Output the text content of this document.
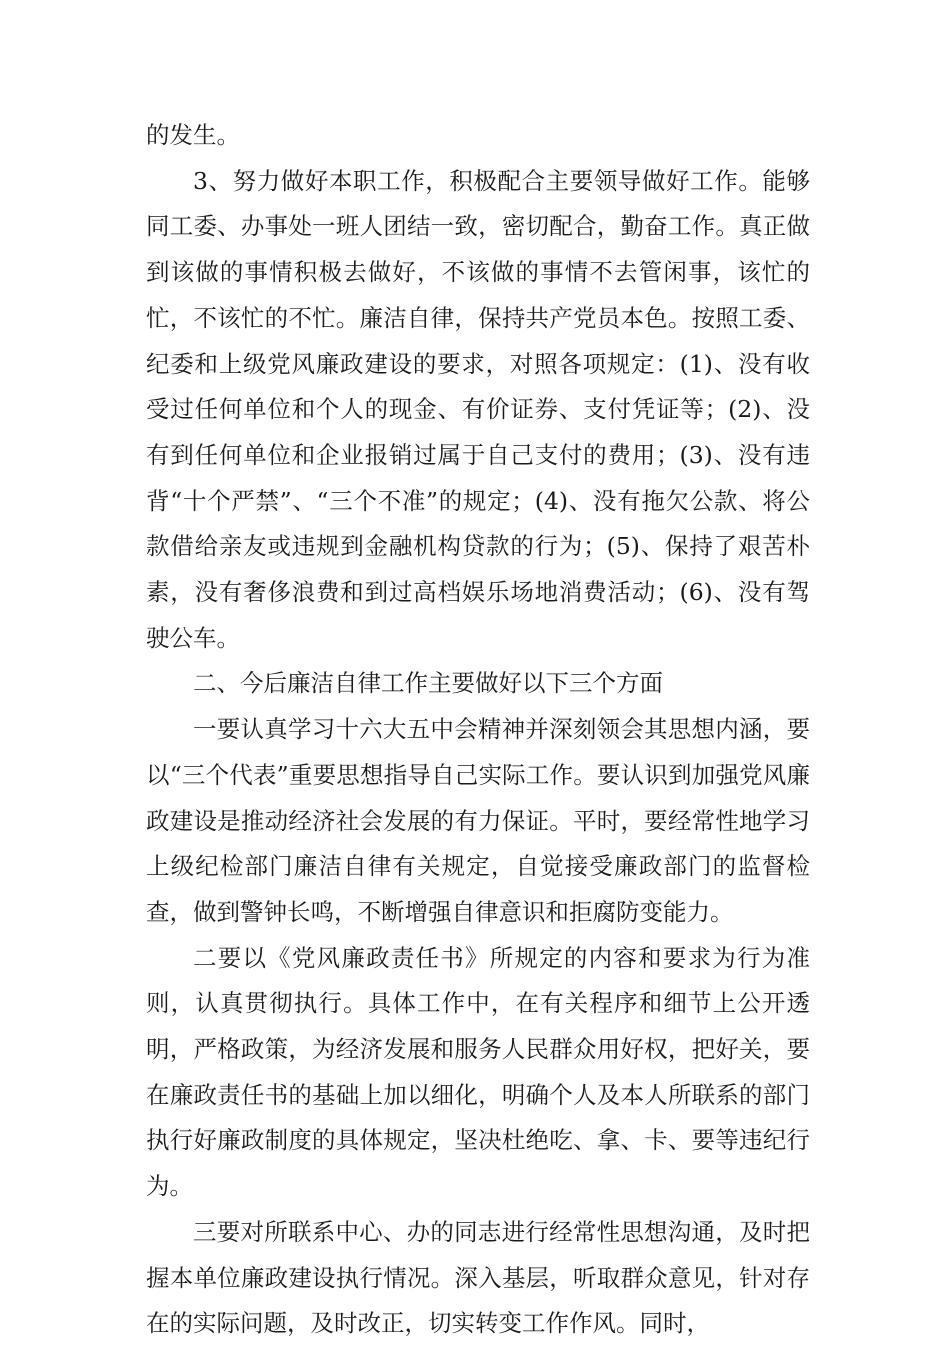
的发生。

3、努力做好本职工作，积极配合主要领导做好工作。能够同工委、办事处一班人团结一致，密切配合，勤奋工作。真正做到该做的事情积极去做好，不该做的事情不去管闲事，该忙的忙，不该忙的不忙。廉洁自律，保持共产党员本色。按照工委、纪委和上级党风廉政建设的要求，对照各项规定：(1)、没有收受过任何单位和个人的现金、有价证券、支付凭证等；(2)、没有到任何单位和企业报销过属于自己支付的费用；(3)、没有违背“十个严禁”、“三个不准”的规定；(4)、没有拖欠公款、将公款借给亲友或违规到金融机构贷款的行为；(5)、保持了艰苦朴素，没有奢侈浪费和到过高档娱乐场地消费活动；(6)、没有驾驶公车。

二、今后廉洁自律工作主要做好以下三个方面

一要认真学习十六大五中会精神并深刻领会其思想内涵，要以“三个代表”重要思想指导自己实际工作。要认识到加强党风廉政建设是推动经济社会发展的有力保证。平时，要经常性地学习上级纪检部门廉洁自律有关规定，自觉接受廉政部门的监督检查，做到警钟长鸣，不断增强自律意识和拒腐防变能力。

二要以《党风廉政责任书》所规定的内容和要求为行为准则，认真贯彻执行。具体工作中，在有关程序和细节上公开透明，严格政策，为经济发展和服务人民群众用好权，把好关，要在廉政责任书的基础上加以细化，明确个人及本人所联系的部门执行好廉政制度的具体规定，坚决杜绝吃、拿、卡、要等违纪行为。

三要对所联系中心、办的同志进行经常性思想沟通，及时把握本单位廉政建设执行情况。深入基层，听取群众意见，针对存在的实际问题，及时改正，切实转变工作作风。同时，
